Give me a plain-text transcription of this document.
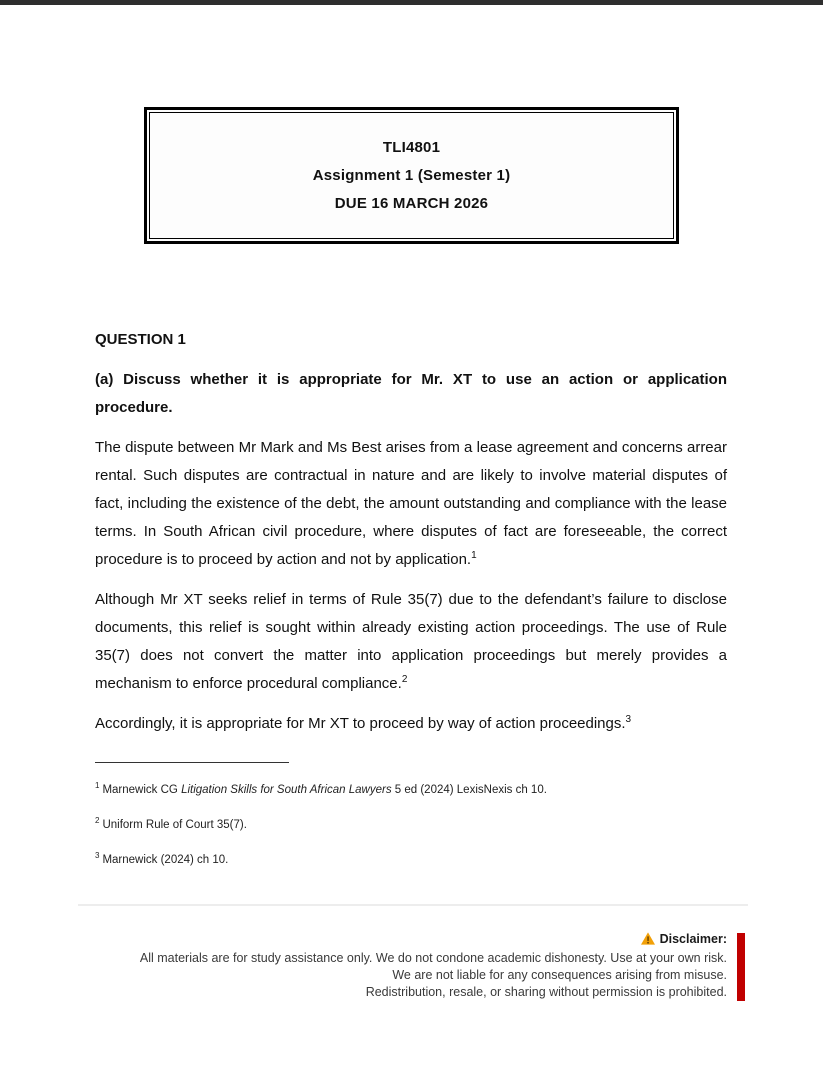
TLI4801
Assignment 1 (Semester 1)
DUE 16 MARCH 2026
QUESTION 1
(a) Discuss whether it is appropriate for Mr. XT to use an action or application procedure.

The dispute between Mr Mark and Ms Best arises from a lease agreement and concerns arrear rental. Such disputes are contractual in nature and are likely to involve material disputes of fact, including the existence of the debt, the amount outstanding and compliance with the lease terms. In South African civil procedure, where disputes of fact are foreseeable, the correct procedure is to proceed by action and not by application.$^1$

Although Mr XT seeks relief in terms of Rule 35(7) due to the defendant’s failure to disclose documents, this relief is sought within already existing action proceedings. The use of Rule 35(7) does not convert the matter into application proceedings but merely provides a mechanism to enforce procedural compliance.$^2$

Accordingly, it is appropriate for Mr XT to proceed by way of action proceedings.$^3$

$^1$ Marnewick CG Litigation Skills for South African Lawyers 5 ed (2024) LexisNexis ch 10.
$^2$ Uniform Rule of Court 35(7).
$^3$ Marnewick (2024) ch 10.
Disclaimer:
All materials are for study assistance only. We do not condone academic dishonesty. Use at your own risk.
We are not liable for any consequences arising from misuse.
Redistribution, resale, or sharing without permission is prohibited.
